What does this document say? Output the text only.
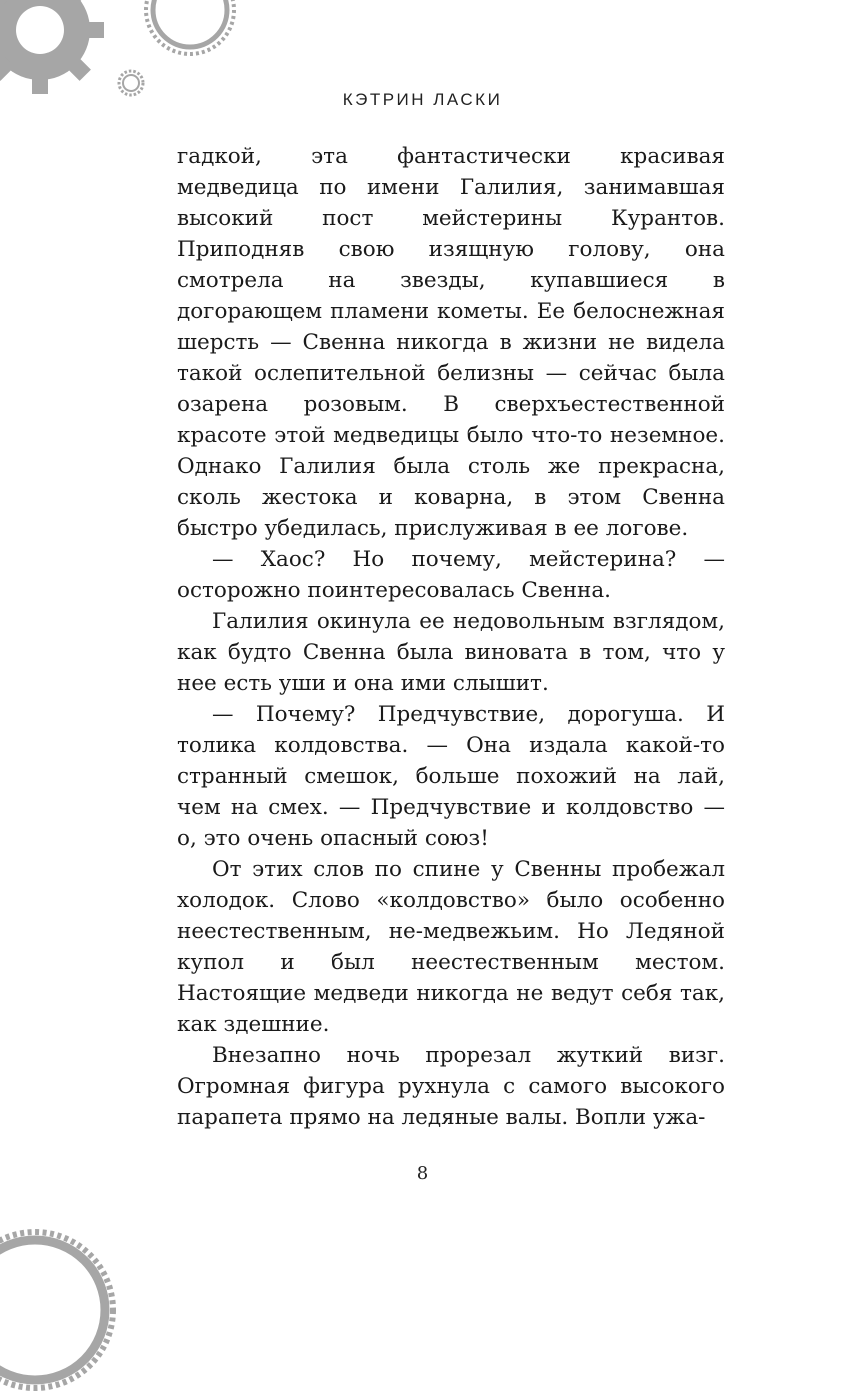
КЭТРИН ЛАСКИ

гадкой, эта фантастически красивая медведица по имени Галилия, занимавшая высокий пост мейстерины Курантов. Приподняв свою изящную голову, она смотрела на звезды, купавшиеся в догорающем пламени кометы. Ее белоснежная шерсть — Свенна никогда в жизни не видела такой ослепительной белизны — сейчас была озарена розовым. В сверхъестественной красоте этой медведицы было что-то неземное. Однако Галилия была столь же прекрасна, сколь жестока и коварна, в этом Свенна быстро убедилась, прислуживая в ее логове.

— Хаос? Но почему, мейстерина? — осторожно поинтересовалась Свенна.

Галилия окинула ее недовольным взглядом, как будто Свенна была виновата в том, что у нее есть уши и она ими слышит.

— Почему? Предчувствие, дорогуша. И толика колдовства. — Она издала какой-то странный смешок, больше похожий на лай, чем на смех. — Предчувствие и колдовство — о, это очень опасный союз!

От этих слов по спине у Свенны пробежал холодок. Слово «колдовство» было особенно неестественным, не-медвежьим. Но Ледяной купол и был неестественным местом. Настоящие медведи никогда не ведут себя так, как здешние.

Внезапно ночь прорезал жуткий визг. Огромная фигура рухнула с самого высокого парапета прямо на ледяные валы. Вопли ужа-

8
